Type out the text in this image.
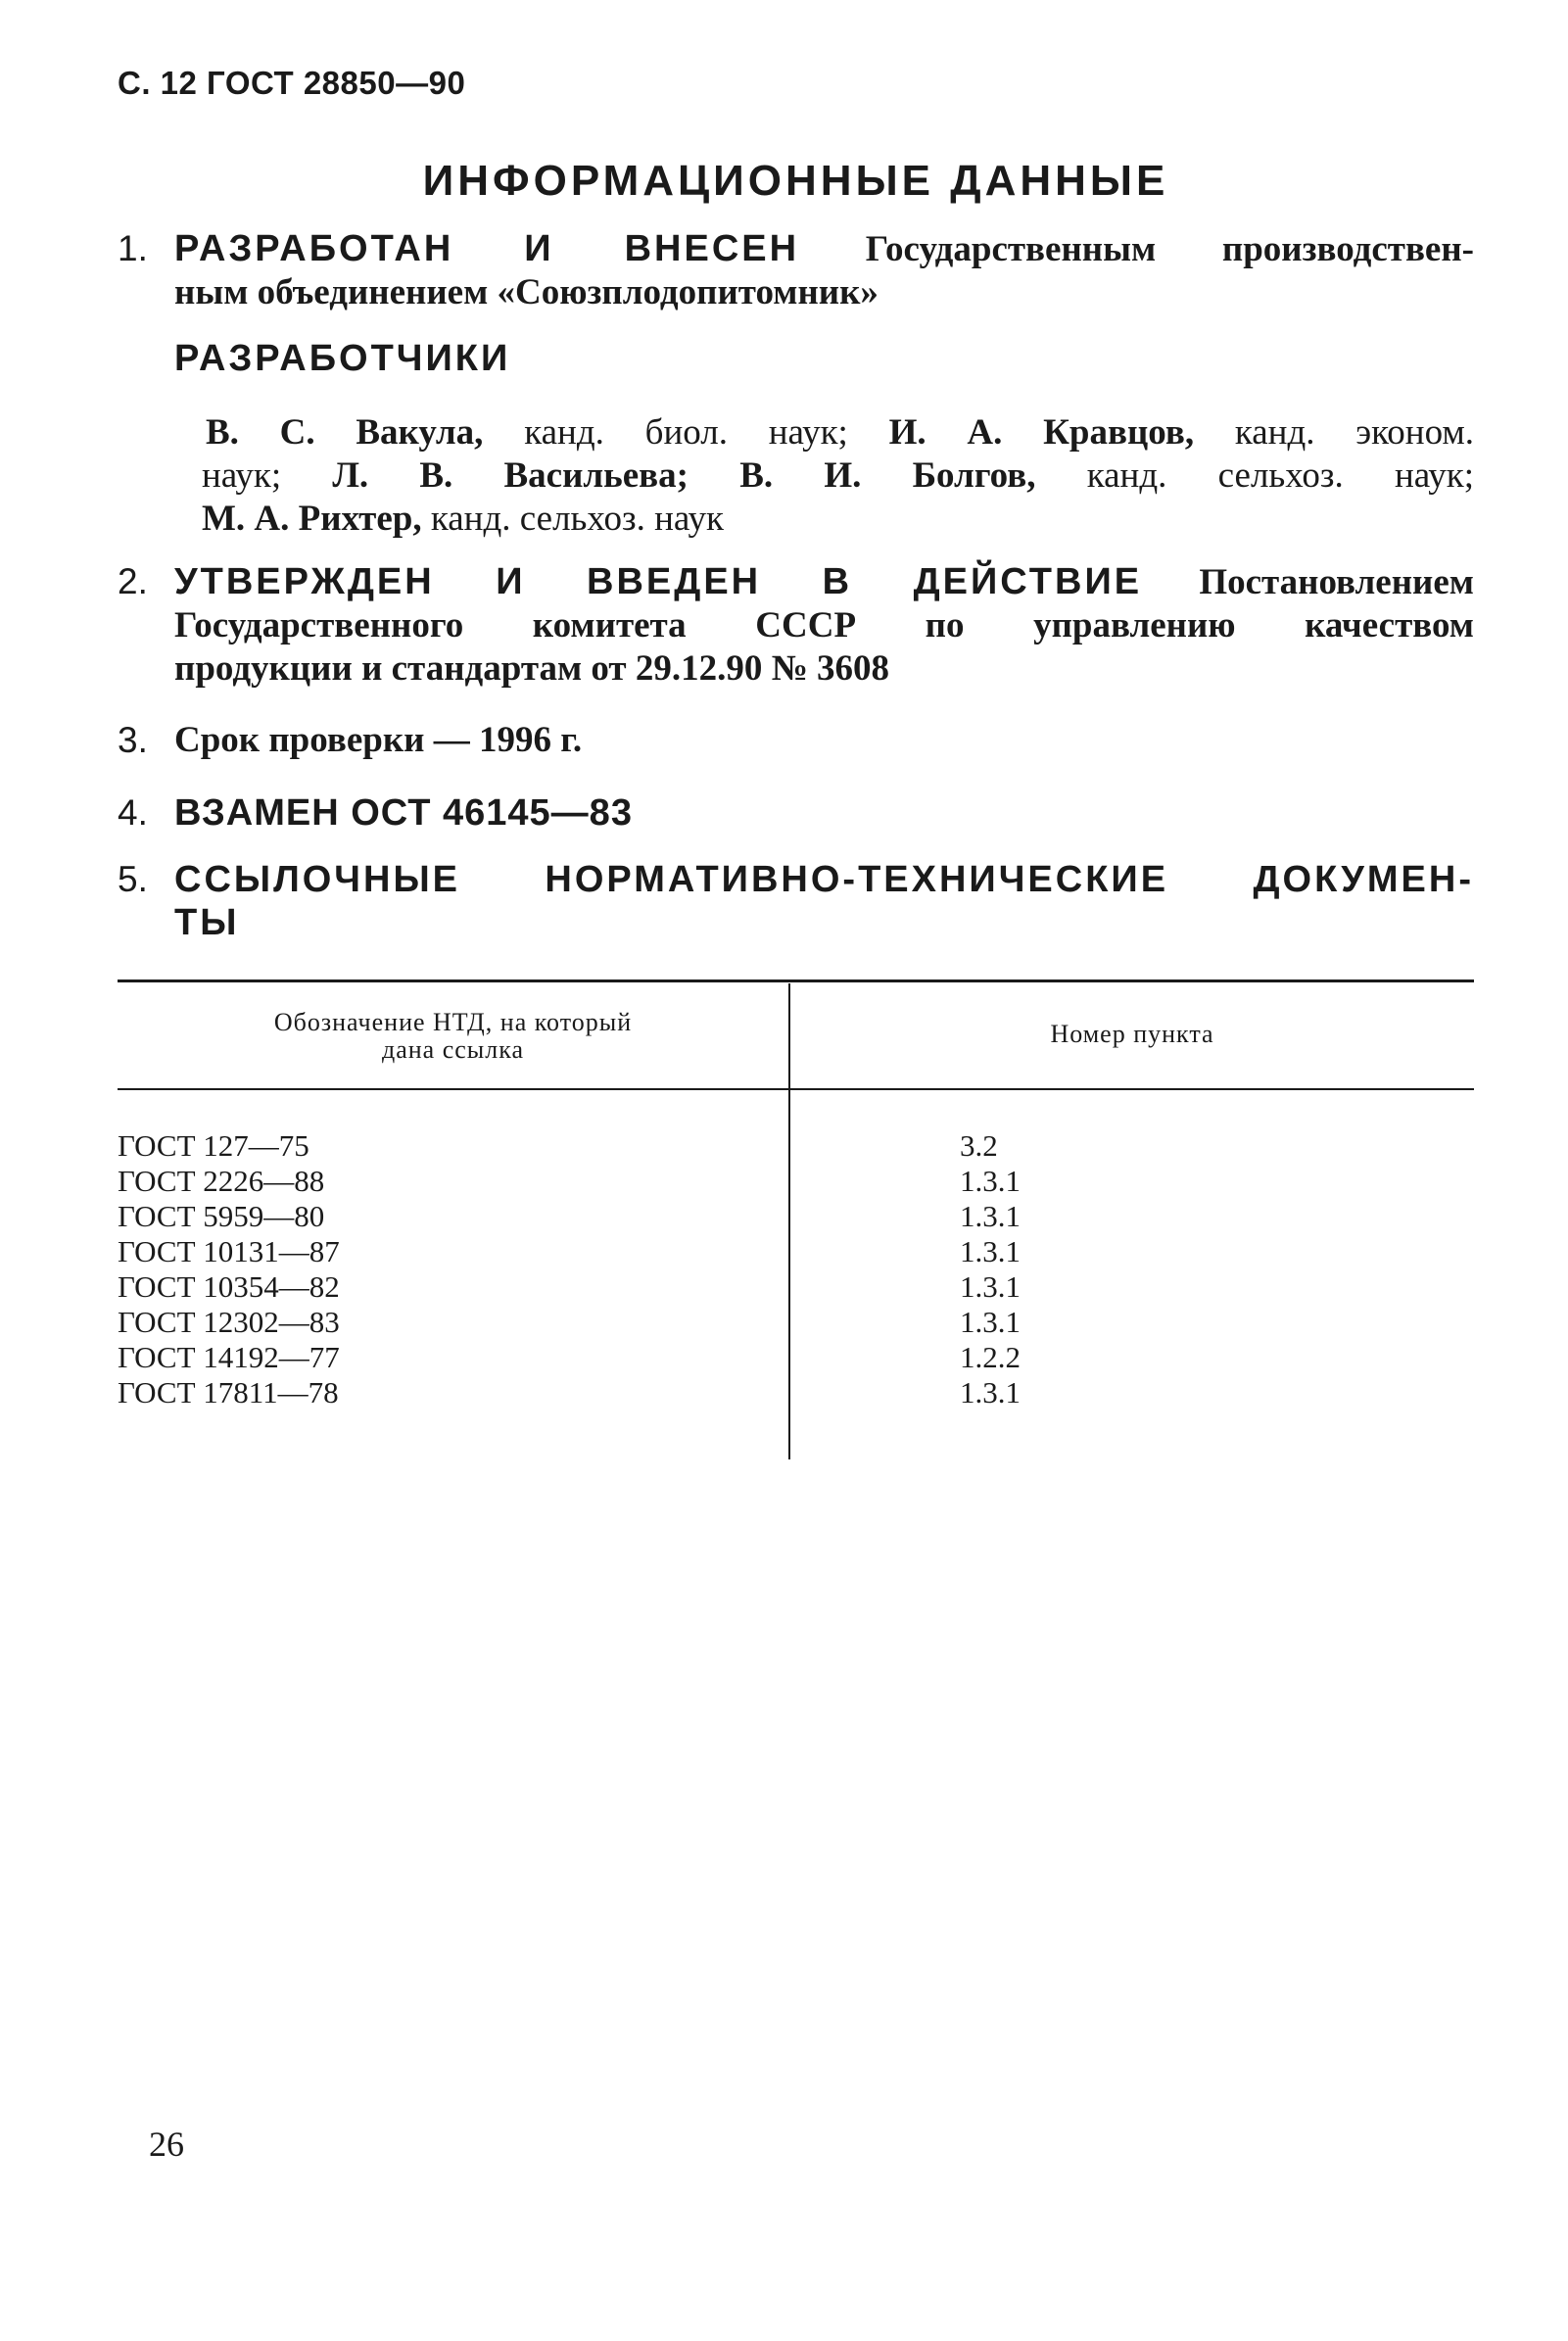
С. 12 ГОСТ 28850—90
ИНФОРМАЦИОННЫЕ ДАННЫЕ
1. РАЗРАБОТАН И ВНЕСЕН Государственным производствен-
ным объединением «Союзплодопитомник»
РАЗРАБОТЧИКИ
В. С. Вакула, канд. биол. наук; И. А. Кравцов, канд. эконом.
наук; Л. В. Васильева; В. И. Болгов, канд. сельхоз. наук;
М. А. Рихтер, канд. сельхоз. наук
2. УТВЕРЖДЕН И ВВЕДЕН В ДЕЙСТВИЕ Постановлением
Государственного комитета СССР по управлению качеством
продукции и стандартам от 29.12.90 № 3608
3. Срок проверки — 1996 г.
4. ВЗАМЕН ОСТ 46145—83
5. ССЫЛОЧНЫЕ НОРМАТИВНО-ТЕХНИЧЕСКИЕ ДОКУМЕН-
ТЫ
Обозначение НТД, на который
дана ссылка
Номер пункта
ГОСТ 127—75	3.2
ГОСТ 2226—88	1.3.1
ГОСТ 5959—80	1.3.1
ГОСТ 10131—87	1.3.1
ГОСТ 10354—82	1.3.1
ГОСТ 12302—83	1.3.1
ГОСТ 14192—77	1.2.2
ГОСТ 17811—78	1.3.1
26
